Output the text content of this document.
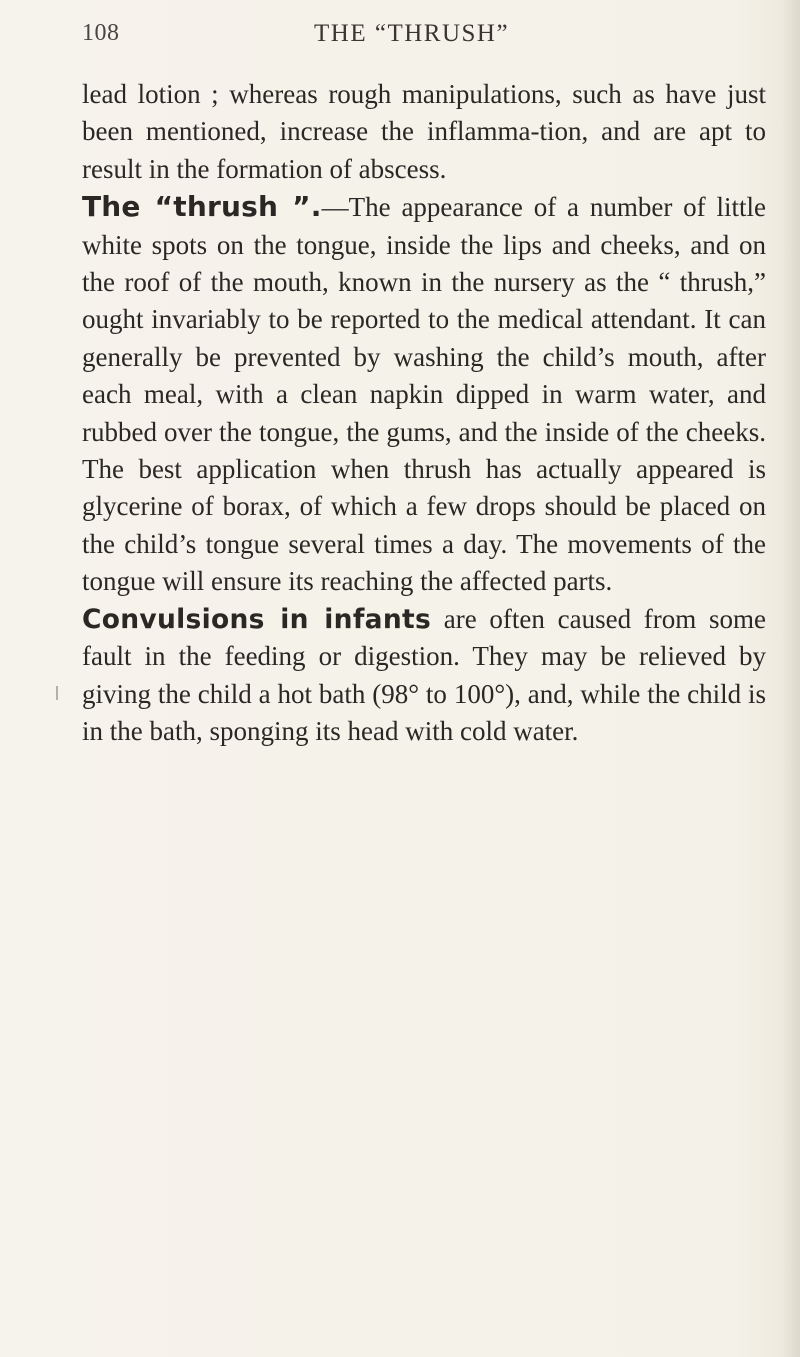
108	THE “THRUSH”

lead lotion ; whereas rough manipulations, such as have just been mentioned, increase the inflamma-tion, and are apt to result in the formation of abscess.

The “thrush ”.—The appearance of a number of little white spots on the tongue, inside the lips and cheeks, and on the roof of the mouth, known in the nursery as the “ thrush,” ought invariably to be reported to the medical attendant. It can generally be prevented by washing the child’s mouth, after each meal, with a clean napkin dipped in warm water, and rubbed over the tongue, the gums, and the inside of the cheeks. The best application when thrush has actually appeared is glycerine of borax, of which a few drops should be placed on the child’s tongue several times a day. The movements of the tongue will ensure its reaching the affected parts.

Convulsions in infants are often caused from some fault in the feeding or digestion. They may be relieved by giving the child a hot bath (98° to 100°), and, while the child is in the bath, sponging its head with cold water.
